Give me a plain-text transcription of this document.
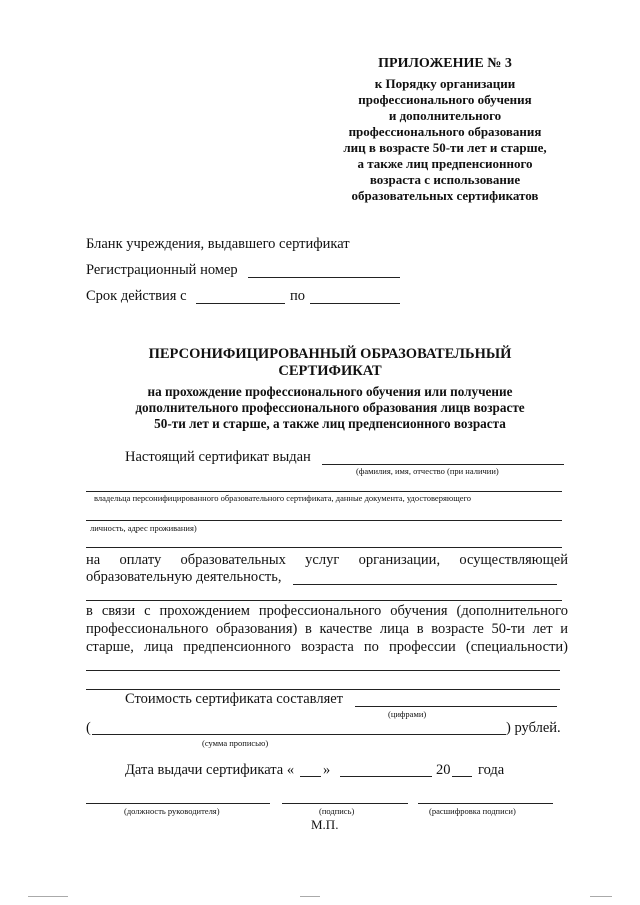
ПРИЛОЖЕНИЕ № 3
к Порядку организации
профессионального обучения
и дополнительного
профессионального образования
лиц в возрасте 50-ти лет и старше,
а также лиц предпенсионного
возраста с использование
образовательных сертификатов
Бланк учреждения, выдавшего сертификат
Регистрационный номер
Срок действия с	по
ПЕРСОНИФИЦИРОВАННЫЙ ОБРАЗОВАТЕЛЬНЫЙ
СЕРТИФИКАТ
на прохождение профессионального обучения или получение
дополнительного профессионального образования лицв возрасте
50-ти лет и старше, а также лиц предпенсионного возраста
Настоящий сертификат выдан
(фамилия, имя, отчество (при наличии)
владельца персонифицированного образовательного сертификата, данные документа, удостоверяющего
личность, адрес проживания)
на оплату образовательных услуг организации, осуществляющей
образовательную деятельность,
в связи с прохождением профессионального обучения (дополнительного
профессионального образования) в качестве лица в возрасте 50-ти лет и
старше, лица предпенсионного возраста по профессии (специальности)
Стоимость сертификата составляет
(цифрами)
(	) рублей.
(сумма прописью)
Дата выдачи сертификата « »	20 года
(должность руководителя)	(подпись)	(расшифровка подписи)
М.П.
